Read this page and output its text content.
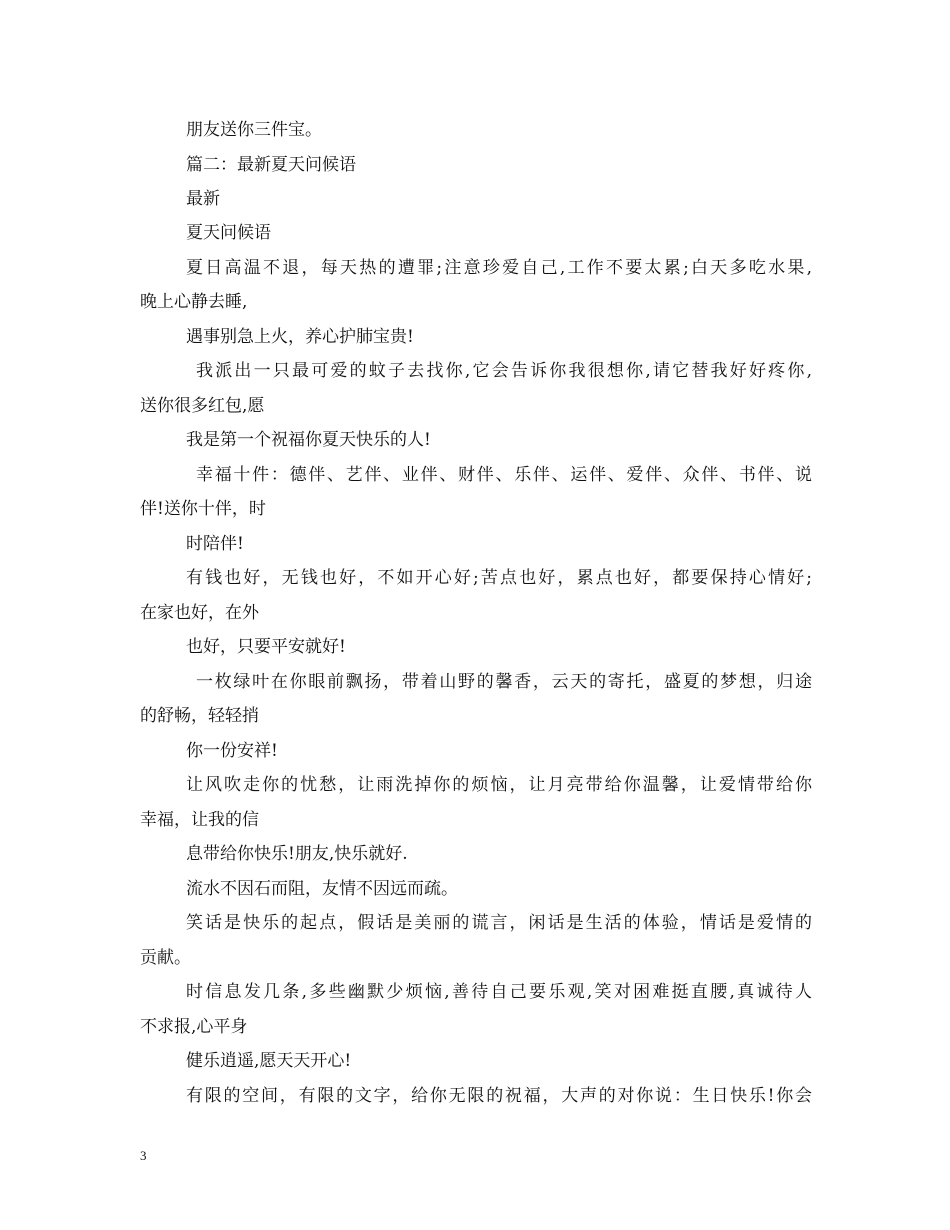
朋友送你三件宝。
篇二：最新夏天问候语
最新
夏天问候语
夏日高温不退，每天热的遭罪;注意珍爱自己,工作不要太累;白天多吃水果,
晚上心静去睡,
遇事别急上火，养心护肺宝贵!
我派出一只最可爱的蚊子去找你,它会告诉你我很想你,请它替我好好疼你,
送你很多红包,愿
我是第一个祝福你夏天快乐的人!
幸福十件：德伴、艺伴、业伴、财伴、乐伴、运伴、爱伴、众伴、书伴、说
伴!送你十伴，时
时陪伴!
有钱也好，无钱也好，不如开心好;苦点也好，累点也好，都要保持心情好;
在家也好，在外
也好，只要平安就好!
一枚绿叶在你眼前飘扬，带着山野的馨香，云天的寄托，盛夏的梦想，归途
的舒畅，轻轻捎
你一份安祥!
让风吹走你的忧愁，让雨洗掉你的烦恼，让月亮带给你温馨，让爱情带给你
幸福，让我的信
息带给你快乐!朋友,快乐就好.
流水不因石而阻，友情不因远而疏。
笑话是快乐的起点，假话是美丽的谎言，闲话是生活的体验，情话是爱情的
贡献。
时信息发几条,多些幽默少烦恼,善待自己要乐观,笑对困难挺直腰,真诚待人
不求报,心平身
健乐逍遥,愿天天开心!
有限的空间，有限的文字，给你无限的祝福，大声的对你说：生日快乐!你会
3
